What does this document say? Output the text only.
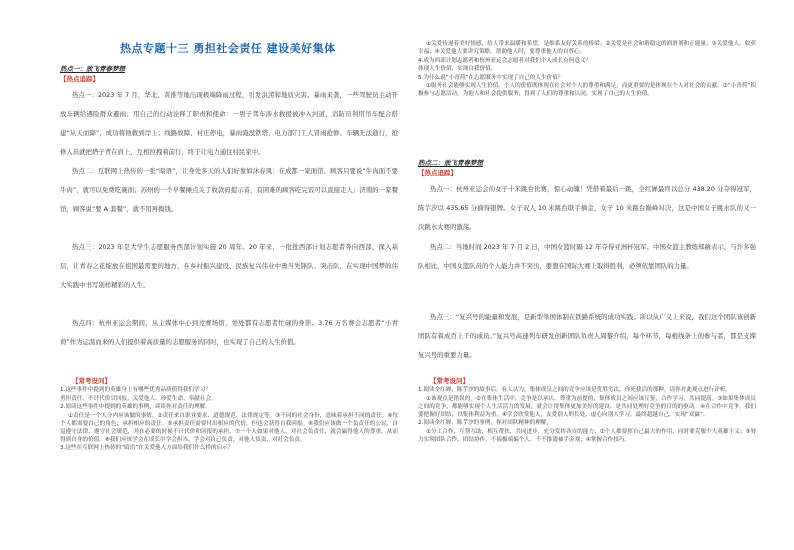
热点专题十三 勇担社会责任 建设美好集体
热点一：放飞青春梦想
【热点追踪】
热点一：2023 年 7 月，华北、黄淮等地出现极端降雨过程，引发洪涝和地质灾害。暴雨来袭，一些驾驶员主动开放车辆给遇险群众避雨；用自己的行动诠释了职责和使命：一男子驾车涉水救援被冲入河道，消防员利用吊车配合搭建“从天而降”，成功将他救到岸上；线路故障、村庄停电，暴雨淹没铁塔，电力部门工人冒雨抢修、车辆无法通行，抢修人员就把塔子背在肩上、互相拉拽着前行，终于让电力通往村民家中。
热点二：互联网上热传的一张“暗语”，让身处多天的人们好象如沐春风：在成都一家面馆，顾客只要说“牛肉面不要牛肉”，就可以免费吃碗面；苏州的一个早餐摊点关了收款码提示音，有困难的顾客吃完饭可以直接走人；济南的一家餐馆，顾客说“要 A 套餐”，就不用再掏钱。
热点三：2023 年是大学生志愿服务西部计划实施 20 周年。20 年来，一批批西部计划志愿者奔向西部、深入基层，让青春之花绽放在祖国最需要的地方，在乡村振兴建设、民族复兴伟业中勇当先锋队、突击队，在实现中国梦的伟大实践中书写别样精彩的人生。
热点四：杭州亚运会期间，从主媒体中心到竞赛场馆，处处都有志愿者忙碌的身影。3.76 万名赛会志愿者“小青荷”作为运温而来的人们提供着高质量的志愿服务的同时，也实现了自己的人生价值。
【常考设问】

1.这些事件中提到的英雄身上有哪些优秀品质值得我们学习？

勇担责任、不计代价甘回报、关爱他人、珍爱生命、奉献社会。

2.阅读这些事件中提到的英雄的事例，谈谈你对责任的理解。

①责任是一个人分内应该做的事情。②责任来自职业要求、道德规范、法律规定等。③不同的社会身份，意味着承担不同的责任。④每个人都需要自己的角色，承担相应的责任。⑤承担责任需要付出相应的代价，但也会获得自我回报。⑥我们应该做一个负责任的公民，自觉遵守法律、遵守社会规范，并在必要的时候不计代价和回报的承担。⑦一个人如果对他人、对社会负责任，就会赢得他人的尊重，从而得到自身的价值。⑧我们应该学会在成长中学会担当，学会对自己负责，对他人负责，对社会负责。

3.这些在互联网上热传的“暗语”在关爱他人方面给我们什么样的启示？

①关爱传递着美好情感，给人带来温暖和希望，是维系友好关系的桥梁；②关爱是社会和谐稳定的润滑剂和正能量；③关爱他人、收获幸福；④关爱他人要讲究策略，帮助他人时，要尊重他人的自尊心。

4.成为西部计划志愿者和杭州亚运会志愿者对我们个人成长有何意义？

体现人生价值，实现自我价值。

5.为什么说“小青荷”在志愿服务中实现了自己的人生价值？

①服务社会能够实现人生价值。个人的价值既体现在社会对个人的尊重和满足，而更重要的是体现在个人对社会的贡献。②“小青荷”积极参与志愿活动，为他人和社会提供服务，得到了人们的尊重和认同，实现了自己的人生价值。

热点二：放飞青春梦想
【热点追踪】
热点一：杭州亚运会的女子十米跳台比赛，惊心动魄！凭借着最后一跳，全红婵最终以总分 438.20 分夺得冠军，陈芋汐以 435.65 分摘得银牌。女子双人 10 米跳台联手摘金，女子 10 米跳台巅峰对决，这是中国女子跳水队的又一次跳水大赛的激荡。
热点二：当地时间 2023 年 7 月 2 日，中国女篮时隔 12 年夺得亚洲杯冠军。中国女篮主教练郑薇表示，与许多强队相比，中国女篮队员的个人能力并不突出，要想在国际大赛上取得胜利，必须依靠团队的力量。
热点三：“复兴号的能量和发展，是新型举国体制在铁路系统的成功实践。所以从广义上来说，我们这个团队该创新团队有着成百上千的成员。”复兴号高速列车研发创新团队负责人周黎介绍，每个环节，每根线条上的参与者，都是支撑复兴号的重要力量。
【常考设问】

1.阅读全红婵、陈芋汐的故事后，有人认为，集体成员之间的竞争应该是优胜劣汰，你死我活的那种。请你对此观点进行评析。

①该观点是错误的。②在集体生活中，竞争是以承认、尊重为前提的，集体成员之间应该互鉴，合作学习，共同提高。③如果集体成员之间的竞争，都能够实现个人生活活力的发展，就会让得集体更加美好的建设，是共同处理好竞争的目的的驱动。④在合作中竞争，我们要把握好团结，以集体利益为重。④学会欣赏他人，友爱别人的长处，虚心向别人学习，最终超越自己，实现“双赢”。

2.阅读全红婵、陈芋汐的事例，你对团队精神的理解。

①分工合作，互帮互助，相互帮扶，共同进步，充分发挥各自的能力；②个人都要挥自己最大的作用，同时要克服个人英雄主义；③努力实现团队合作，团结协作，不搞极端偏个人、不不推诿袖手旁观；④掌握合作技巧。
